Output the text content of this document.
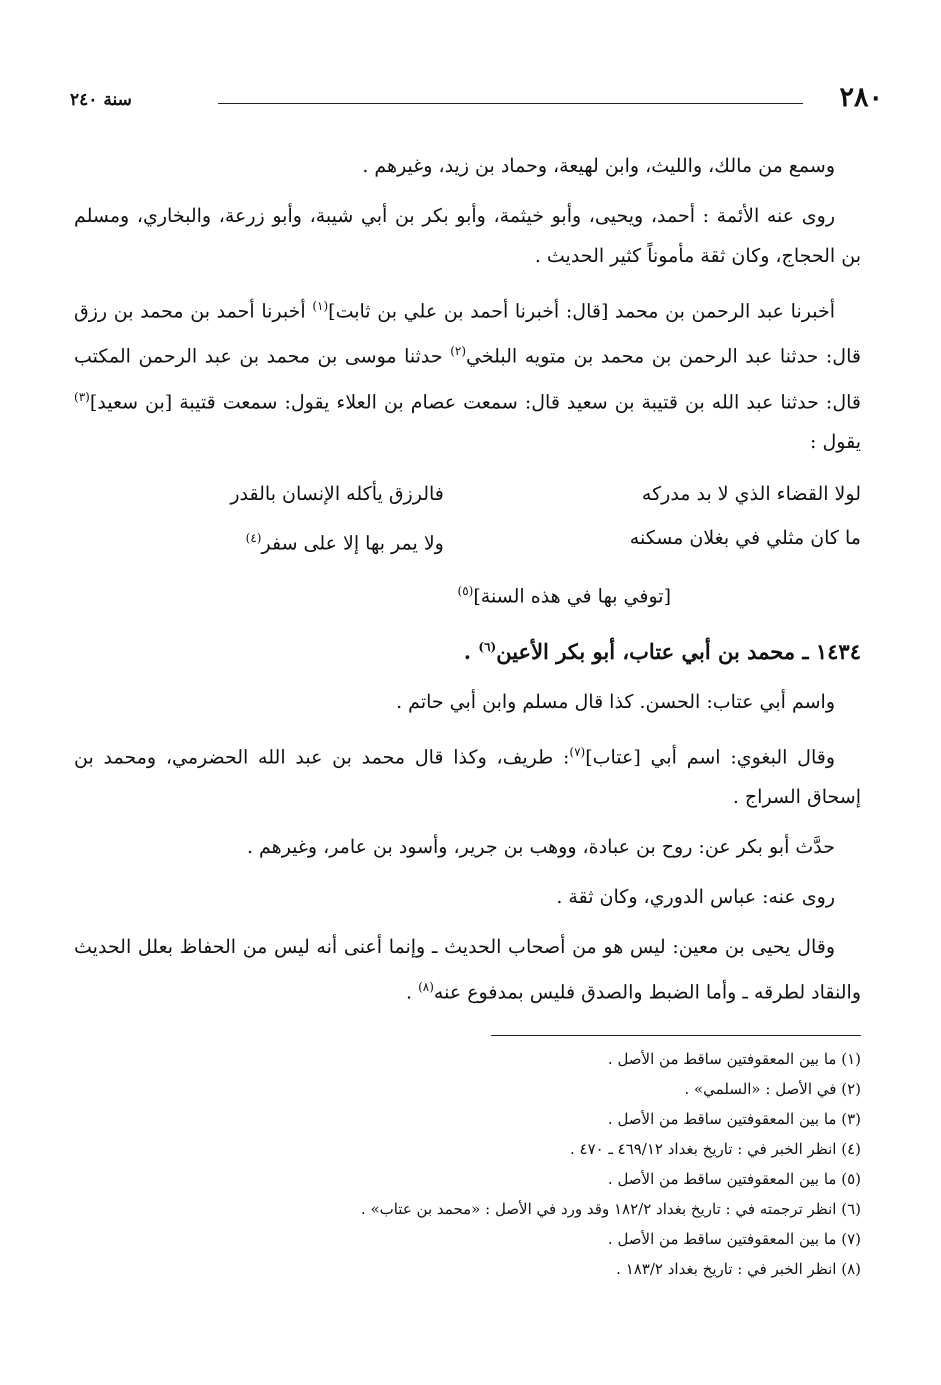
٢٨٠
سنة ٢٤٠

وسمع من مالك، والليث، وابن لهيعة، وحماد بن زيد، وغيرهم .

روى عنه الأئمة : أحمد، ويحيى، وأبو خيثمة، وأبو بكر بن أبي شيبة، وأبو زرعة، والبخاري، ومسلم بن الحجاج، وكان ثقة مأموناً كثير الحديث .

أخبرنا عبد الرحمن بن محمد [قال: أخبرنا أحمد بن علي بن ثابت]$^{(١)}$ أخبرنا أحمد بن محمد بن رزق قال: حدثنا عبد الرحمن بن محمد بن متويه البلخي$^{(٢)}$ حدثنا موسى بن محمد بن عبد الرحمن المكتب قال: حدثنا عبد الله بن قتيبة بن سعيد قال: سمعت عصام بن العلاء يقول: سمعت قتيبة [بن سعيد]$^{(٣)}$ يقول :

لولا القضاء الذي لا بد مدركه
فالرزق يأكله الإنسان بالقدر
ما كان مثلي في بغلان مسكنه
ولا يمر بها إلا على سفر$^{(٤)}$
[توفي بها في هذه السنة]$^{(٥)}$

١٤٣٤ ـ محمد بن أبي عتاب، أبو بكر الأعين$^{(٦)}$ .

واسم أبي عتاب: الحسن. كذا قال مسلم وابن أبي حاتم .

وقال البغوي: اسم أبي [عتاب]$^{(٧)}$: طريف، وكذا قال محمد بن عبد الله الحضرمي، ومحمد بن إسحاق السراج .

حدَّث أبو بكر عن: روح بن عبادة، ووهب بن جرير، وأسود بن عامر، وغيرهم .

روى عنه: عباس الدوري، وكان ثقة .

وقال يحيى بن معين: ليس هو من أصحاب الحديث ـ وإنما أعنى أنه ليس من الحفاظ بعلل الحديث والنقاد لطرقه ـ وأما الضبط والصدق فليس بمدفوع عنه$^{(٨)}$ .

(١) ما بين المعقوفتين ساقط من الأصل .
(٢) في الأصل : «السلمي» .
(٣) ما بين المعقوفتين ساقط من الأصل .
(٤) انظر الخبر في : تاريخ بغداد ٤٦٩/١٢ ـ ٤٧٠ .
(٥) ما بين المعقوفتين ساقط من الأصل .
(٦) انظر ترجمته في : تاريخ بغداد ١٨٢/٢ وقد ورد في الأصل : «محمد بن عتاب» .
(٧) ما بين المعقوفتين ساقط من الأصل .
(٨) انظر الخبر في : تاريخ بغداد ١٨٣/٢ .
